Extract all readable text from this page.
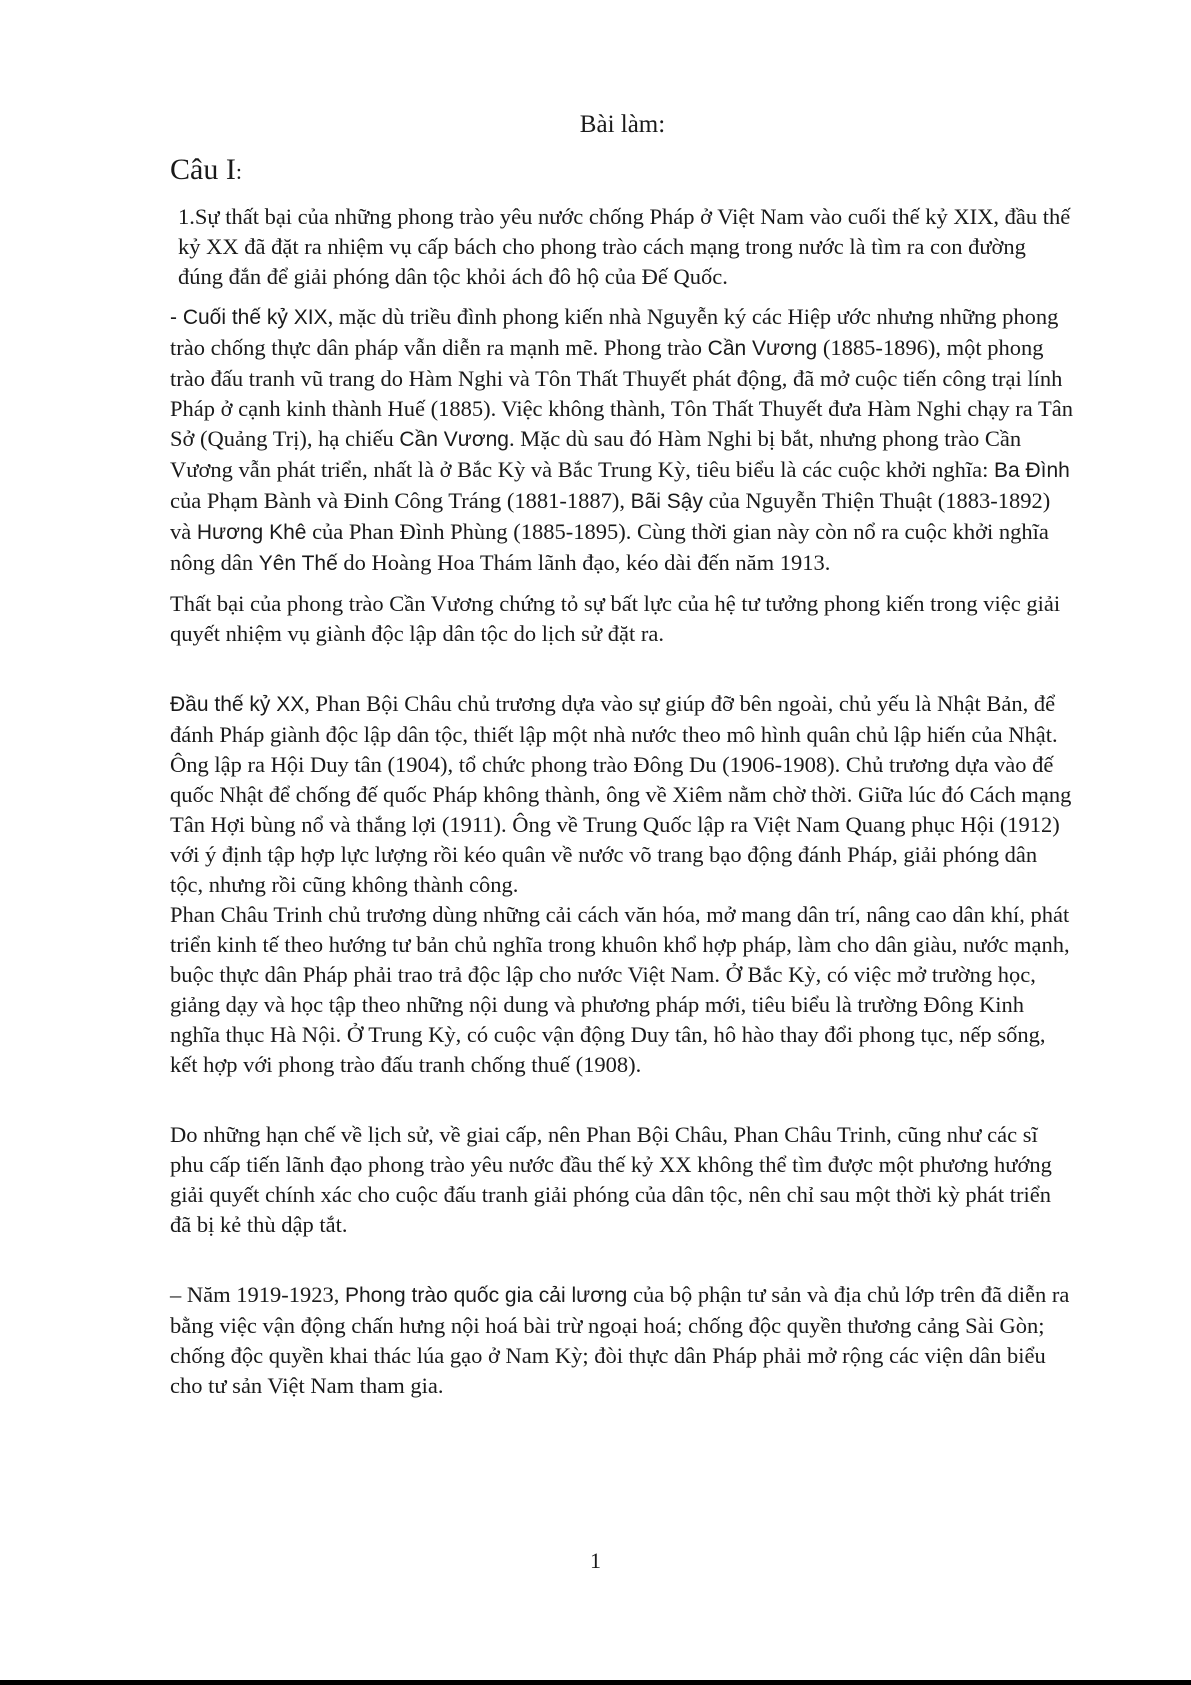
Bài làm:
Câu I:

1.Sự thất bại của những phong trào yêu nước chống Pháp ở Việt Nam vào cuối thế kỷ XIX, đầu thế kỷ XX đã đặt ra nhiệm vụ cấp bách cho phong trào cách mạng trong nước là tìm ra con đường đúng đắn để giải phóng dân tộc khỏi ách đô hộ của Đế Quốc.

- Cuối thế kỷ XIX, mặc dù triều đình phong kiến nhà Nguyễn ký các Hiệp ước nhưng những phong trào chống thực dân pháp vẫn diễn ra mạnh mẽ. Phong trào Cần Vương (1885-1896), một phong trào đấu tranh vũ trang do Hàm Nghi và Tôn Thất Thuyết phát động, đã mở cuộc tiến công trại lính Pháp ở cạnh kinh thành Huế (1885). Việc không thành, Tôn Thất Thuyết đưa Hàm Nghi chạy ra Tân Sở (Quảng Trị), hạ chiếu Cần Vương. Mặc dù sau đó Hàm Nghi bị bắt, nhưng phong trào Cần Vương vẫn phát triển, nhất là ở Bắc Kỳ và Bắc Trung Kỳ, tiêu biểu là các cuộc khởi nghĩa: Ba Đình của Phạm Bành và Đinh Công Tráng (1881-1887), Bãi Sậy của Nguyễn Thiện Thuật (1883-1892) và Hương Khê của Phan Đình Phùng (1885-1895). Cùng thời gian này còn nổ ra cuộc khởi nghĩa nông dân Yên Thế do Hoàng Hoa Thám lãnh đạo, kéo dài đến năm 1913.

Thất bại của phong trào Cần Vương chứng tỏ sự bất lực của hệ tư tưởng phong kiến trong việc giải quyết nhiệm vụ giành độc lập dân tộc do lịch sử đặt ra.

Đầu thế kỷ XX, Phan Bội Châu chủ trương dựa vào sự giúp đỡ bên ngoài, chủ yếu là Nhật Bản, để đánh Pháp giành độc lập dân tộc, thiết lập một nhà nước theo mô hình quân chủ lập hiến của Nhật. Ông lập ra Hội Duy tân (1904), tổ chức phong trào Đông Du (1906-1908). Chủ trương dựa vào đế quốc Nhật để chống đế quốc Pháp không thành, ông về Xiêm nằm chờ thời. Giữa lúc đó Cách mạng Tân Hợi bùng nổ và thắng lợi (1911). Ông về Trung Quốc lập ra Việt Nam Quang phục Hội (1912) với ý định tập hợp lực lượng rồi kéo quân về nước võ trang bạo động đánh Pháp, giải phóng dân tộc, nhưng rồi cũng không thành công.

Phan Châu Trinh chủ trương dùng những cải cách văn hóa, mở mang dân trí, nâng cao dân khí, phát triển kinh tế theo hướng tư bản chủ nghĩa trong khuôn khổ hợp pháp, làm cho dân giàu, nước mạnh, buộc thực dân Pháp phải trao trả độc lập cho nước Việt Nam. Ở Bắc Kỳ, có việc mở trường học, giảng dạy và học tập theo những nội dung và phương pháp mới, tiêu biểu là trường Đông Kinh nghĩa thục Hà Nội. Ở Trung Kỳ, có cuộc vận động Duy tân, hô hào thay đổi phong tục, nếp sống, kết hợp với phong trào đấu tranh chống thuế (1908).

Do những hạn chế về lịch sử, về giai cấp, nên Phan Bội Châu, Phan Châu Trinh, cũng như các sĩ phu cấp tiến lãnh đạo phong trào yêu nước đầu thế kỷ XX không thể tìm được một phương hướng giải quyết chính xác cho cuộc đấu tranh giải phóng của dân tộc, nên chỉ sau một thời kỳ phát triển đã bị kẻ thù dập tắt.

– Năm 1919-1923, Phong trào quốc gia cải lương của bộ phận tư sản và địa chủ lớp trên đã diễn ra bằng việc vận động chấn hưng nội hoá bài trừ ngoại hoá; chống độc quyền thương cảng Sài Gòn; chống độc quyền khai thác lúa gạo ở Nam Kỳ; đòi thực dân Pháp phải mở rộng các viện dân biểu cho tư sản Việt Nam tham gia.

1
